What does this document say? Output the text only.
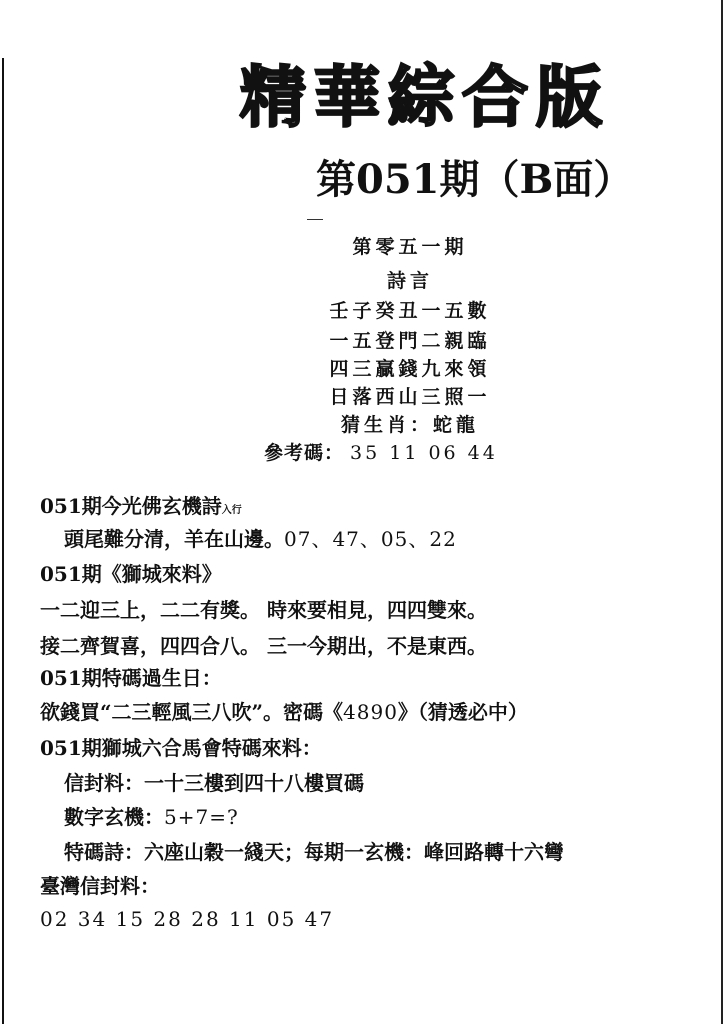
精華綜合版
第051期（B面）
第零五一期
詩言
壬子癸丑一五數
一五登門二親臨
四三贏錢九來領
日落西山三照一
猜生肖：蛇龍
參考碼： 35 11 06 44
051期今光佛玄機詩入行
頭尾難分清，羊在山邊。07、47、05、22
051期《獅城來料》
一二迎三上，二二有獎。 時來要相見，四四雙來。
接二齊賀喜，四四合八。 三一今期出，不是東西。
051期特碼過生日：
欲錢買“二三輕風三八吹”。密碼《4890》（猜透必中）
051期獅城六合馬會特碼來料：
信封料：一十三樓到四十八樓買碼
數字玄機：5+7=?
特碼詩：六座山穀一綫天；每期一玄機：峰回路轉十六彎
臺灣信封料：
02 34 15 28 28 11 05 47
